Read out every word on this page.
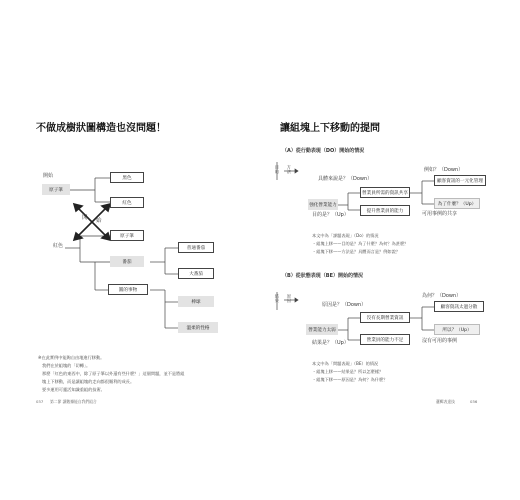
不做成樹狀圖構造也沒問題！
開始
原子筆
黑色
紅色
開 始
原子筆
紅色
番茄
普通番茄
大番茄
圓的事物
棒球
溫柔的性格
※在此實例中能夠自由地進行移動。
我們在於組塊的「切轉」。
那麼「紅色的東西中，除了原子筆以外還有些什麼？」這個問題，並不是將組
塊上下移動，而是讓組塊的走向都很順利的成長。
要多運用可靈活知識重組的技術。
037 第二節 讓數據能自我們組合
讓組塊上下移動的提問
（A）從行動表現（DO）開始的情況
目的 方法
具體來說是？（Down）
例如？（Down）
營業員所需的資訊共享
強化營業能力
顧客資訊的一元化管理
為了什麼？（Up）
提升營業員的能力
目的是？（Up）	可用事例的共享
本文中為「課題表現」（Do）的情況
・組塊上移——目的是？為了什麼？為何？為甚麼？
・組塊下移——方法是？具體而言是？例如說？
（B）從狀態表現（BE）開始的情況
結果 原因
原因是？（Down）
為何？（Down）
沒有長期營業資訊
營業能力太弱
顧客資訊太過分散
所以？（Up）
營業員的能力不足
結果是？（Up）	沒有可用的事例
本文中為「問題表現」（BE）的情況
・組塊上移——結果是？所以怎麼樣？
・組塊下移——原因是？為何？為什麼？
邏輯表達技	036
